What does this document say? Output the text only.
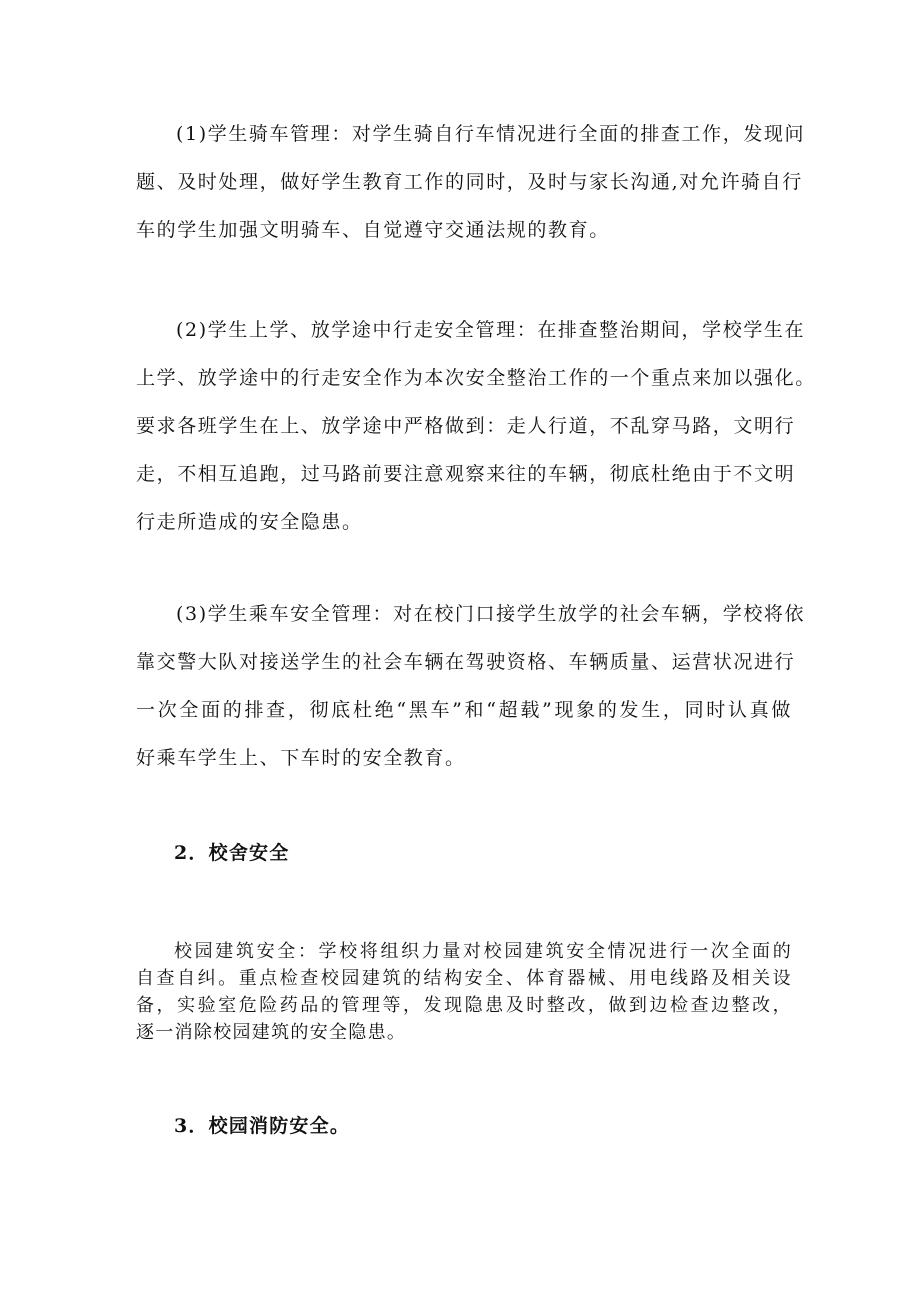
(1)学生骑车管理：对学生骑自行车情况进行全面的排查工作，发现问
题、及时处理，做好学生教育工作的同时，及时与家长沟通,对允许骑自行
车的学生加强文明骑车、自觉遵守交通法规的教育。

(2)学生上学、放学途中行走安全管理：在排查整治期间，学校学生在
上学、放学途中的行走安全作为本次安全整治工作的一个重点来加以强化。
要求各班学生在上、放学途中严格做到：走人行道，不乱穿马路，文明行
走，不相互追跑，过马路前要注意观察来往的车辆，彻底杜绝由于不文明
行走所造成的安全隐患。

(3)学生乘车安全管理：对在校门口接学生放学的社会车辆，学校将依
靠交警大队对接送学生的社会车辆在驾驶资格、车辆质量、运营状况进行
一次全面的排查，彻底杜绝“黑车”和“超载”现象的发生，同时认真做
好乘车学生上、下车时的安全教育。

2．校舍安全

校园建筑安全：学校将组织力量对校园建筑安全情况进行一次全面的
自查自纠。重点检查校园建筑的结构安全、体育器械、用电线路及相关设
备，实验室危险药品的管理等，发现隐患及时整改，做到边检查边整改，
逐一消除校园建筑的安全隐患。

3．校园消防安全。
